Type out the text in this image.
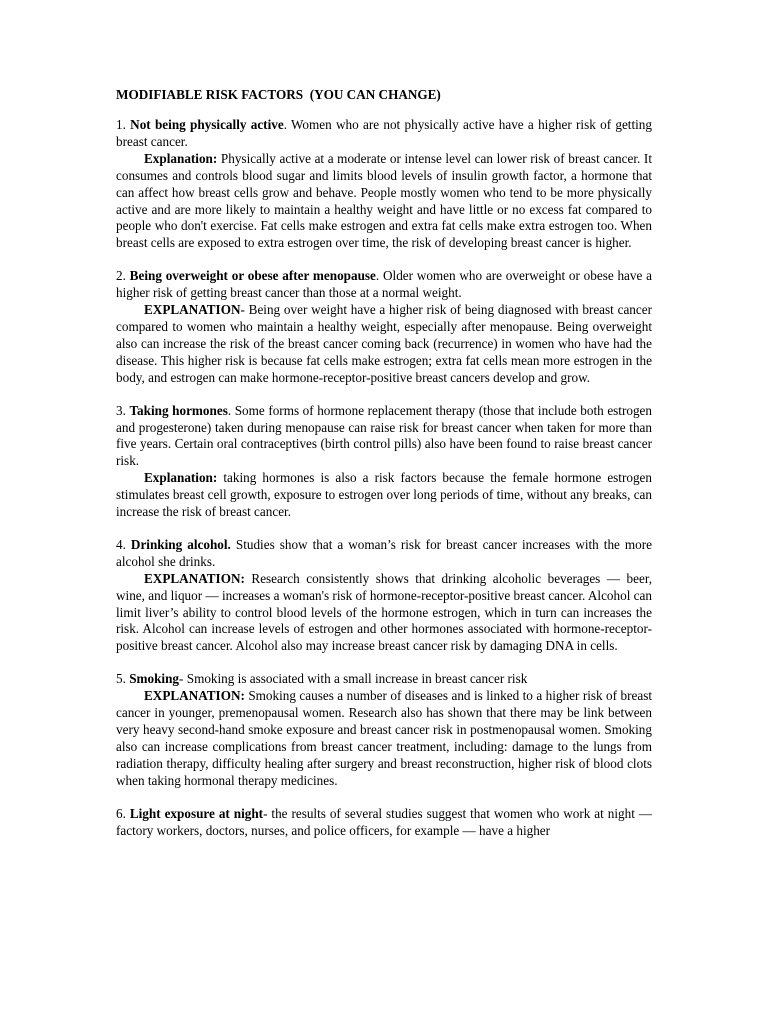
MODIFIABLE RISK FACTORS  (YOU CAN CHANGE)

1. Not being physically active. Women who are not physically active have a higher risk of getting breast cancer.

Explanation: Physically active at a moderate or intense level can lower risk of breast cancer. It consumes and controls blood sugar and limits blood levels of insulin growth factor, a hormone that can affect how breast cells grow and behave. People mostly women who tend to be more physically active and are more likely to maintain a healthy weight and have little or no excess fat compared to people who don't exercise. Fat cells make estrogen and extra fat cells make extra estrogen too. When breast cells are exposed to extra estrogen over time, the risk of developing breast cancer is higher.

2. Being overweight or obese after menopause. Older women who are overweight or obese have a higher risk of getting breast cancer than those at a normal weight.

EXPLANATION- Being over weight have a higher risk of being diagnosed with breast cancer compared to women who maintain a healthy weight, especially after menopause. Being overweight also can increase the risk of the breast cancer coming back (recurrence) in women who have had the disease. This higher risk is because fat cells make estrogen; extra fat cells mean more estrogen in the body, and estrogen can make hormone-receptor-positive breast cancers develop and grow.

3. Taking hormones. Some forms of hormone replacement therapy (those that include both estrogen and progesterone) taken during menopause can raise risk for breast cancer when taken for more than five years. Certain oral contraceptives (birth control pills) also have been found to raise breast cancer risk.

Explanation: taking hormones is also a risk factors because the female hormone estrogen stimulates breast cell growth, exposure to estrogen over long periods of time, without any breaks, can increase the risk of breast cancer.

4. Drinking alcohol. Studies show that a woman’s risk for breast cancer increases with the more alcohol she drinks.

EXPLANATION: Research consistently shows that drinking alcoholic beverages — beer, wine, and liquor — increases a woman's risk of hormone-receptor-positive breast cancer. Alcohol can limit liver’s ability to control blood levels of the hormone estrogen, which in turn can increases the risk. Alcohol can increase levels of estrogen and other hormones associated with hormone-receptor-positive breast cancer. Alcohol also may increase breast cancer risk by damaging DNA in cells.

5. Smoking- Smoking is associated with a small increase in breast cancer risk

EXPLANATION: Smoking causes a number of diseases and is linked to a higher risk of breast cancer in younger, premenopausal women. Research also has shown that there may be link between very heavy second-hand smoke exposure and breast cancer risk in postmenopausal women. Smoking also can increase complications from breast cancer treatment, including: damage to the lungs from radiation therapy, difficulty healing after surgery and breast reconstruction, higher risk of blood clots when taking hormonal therapy medicines.

6. Light exposure at night- the results of several studies suggest that women who work at night — factory workers, doctors, nurses, and police officers, for example — have a higher
